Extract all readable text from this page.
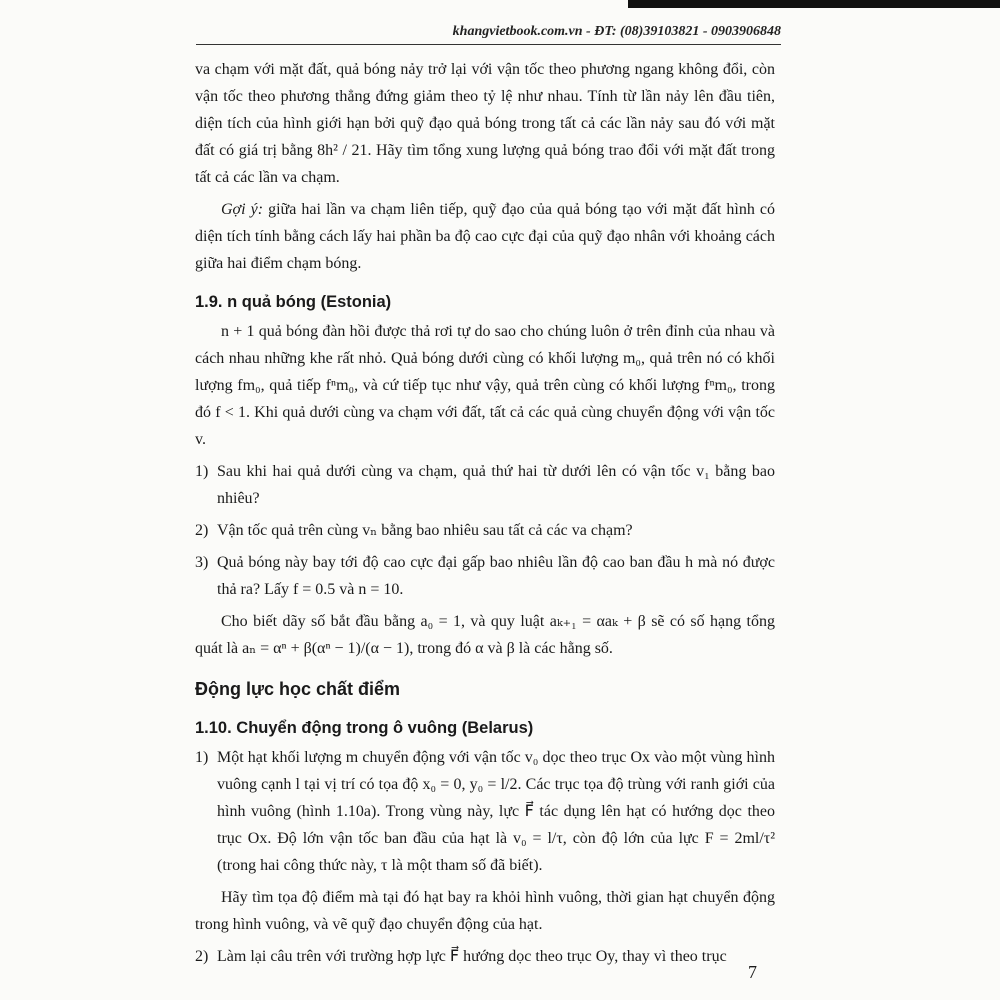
khangvietbook.com.vn - ĐT: (08)39103821 - 0903906848

va chạm với mặt đất, quả bóng nảy trở lại với vận tốc theo phương ngang không đổi, còn vận tốc theo phương thẳng đứng giảm theo tỷ lệ như nhau. Tính từ lần nảy lên đầu tiên, diện tích của hình giới hạn bởi quỹ đạo quả bóng trong tất cả các lần nảy sau đó với mặt đất có giá trị bằng 8h² / 21. Hãy tìm tổng xung lượng quả bóng trao đổi với mặt đất trong tất cả các lần va chạm.

Gợi ý: giữa hai lần va chạm liên tiếp, quỹ đạo của quả bóng tạo với mặt đất hình có diện tích tính bằng cách lấy hai phần ba độ cao cực đại của quỹ đạo nhân với khoảng cách giữa hai điểm chạm bóng.

1.9. n quả bóng (Estonia)

n + 1 quả bóng đàn hồi được thả rơi tự do sao cho chúng luôn ở trên đỉnh của nhau và cách nhau những khe rất nhỏ. Quả bóng dưới cùng có khối lượng m₀, quả trên nó có khối lượng fm₀, quả tiếp fⁿm₀, và cứ tiếp tục như vậy, quả trên cùng có khối lượng fⁿm₀, trong đó f < 1. Khi quả dưới cùng va chạm với đất, tất cả các quả cùng chuyển động với vận tốc v.

1) Sau khi hai quả dưới cùng va chạm, quả thứ hai từ dưới lên có vận tốc v₁ bằng bao nhiêu?
2) Vận tốc quả trên cùng vₙ bằng bao nhiêu sau tất cả các va chạm?
3) Quả bóng này bay tới độ cao cực đại gấp bao nhiêu lần độ cao ban đầu h mà nó được thả ra? Lấy f = 0.5 và n = 10.

Cho biết dãy số bắt đầu bằng a₀ = 1, và quy luật aₖ₊₁ = αaₖ + β sẽ có số hạng tổng quát là aₙ = αⁿ + β(αⁿ − 1)/(α − 1), trong đó α và β là các hằng số.

Động lực học chất điểm
1.10. Chuyển động trong ô vuông (Belarus)
1) Một hạt khối lượng m chuyển động với vận tốc v₀ dọc theo trục Ox vào một vùng hình vuông cạnh l tại vị trí có tọa độ x₀ = 0, y₀ = l/2. Các trục tọa độ trùng với ranh giới của hình vuông (hình 1.10a). Trong vùng này, lực F⃗ tác dụng lên hạt có hướng dọc theo trục Ox. Độ lớn vận tốc ban đầu của hạt là v₀ = l/τ, còn độ lớn của lực F = 2ml/τ² (trong hai công thức này, τ là một tham số đã biết).

Hãy tìm tọa độ điểm mà tại đó hạt bay ra khỏi hình vuông, thời gian hạt chuyển động trong hình vuông, và vẽ quỹ đạo chuyển động của hạt.

2) Làm lại câu trên với trường hợp lực F⃗ hướng dọc theo trục Oy, thay vì theo trục
7
